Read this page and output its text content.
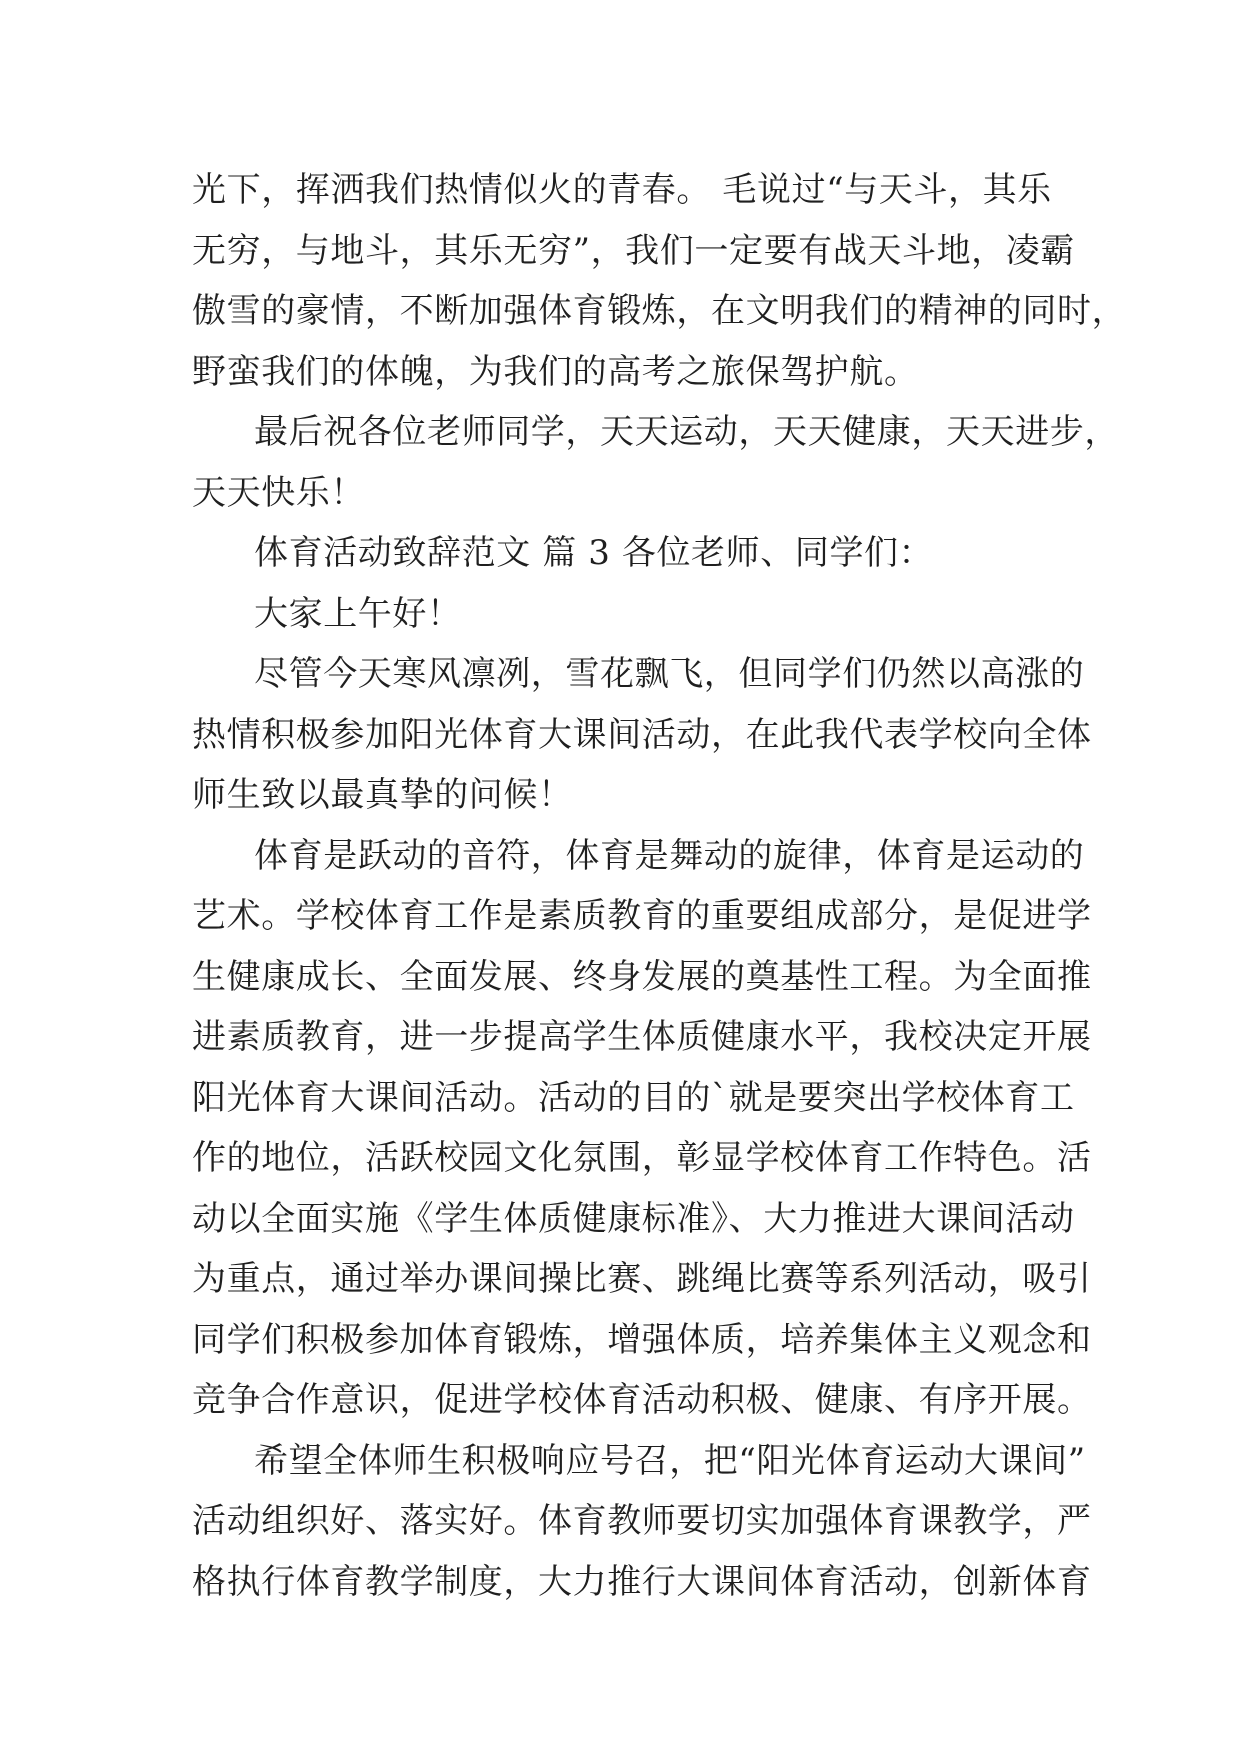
光下，挥洒我们热情似火的青春。 毛说过“与天斗，其乐
无穷，与地斗，其乐无穷”，我们一定要有战天斗地，凌霸
傲雪的豪情，不断加强体育锻炼，在文明我们的精神的同时，
野蛮我们的体魄，为我们的高考之旅保驾护航。
最后祝各位老师同学，天天运动，天天健康，天天进步，
天天快乐！
体育活动致辞范文 篇 3 各位老师、同学们：
大家上午好！
尽管今天寒风凛冽，雪花飘飞，但同学们仍然以高涨的
热情积极参加阳光体育大课间活动，在此我代表学校向全体
师生致以最真挚的问候！
体育是跃动的音符，体育是舞动的旋律，体育是运动的
艺术。学校体育工作是素质教育的重要组成部分，是促进学
生健康成长、全面发展、终身发展的奠基性工程。为全面推
进素质教育，进一步提高学生体质健康水平，我校决定开展
阳光体育大课间活动。活动的目的`就是要突出学校体育工
作的地位，活跃校园文化氛围，彰显学校体育工作特色。活
动以全面实施《学生体质健康标准》、大力推进大课间活动
为重点，通过举办课间操比赛、跳绳比赛等系列活动，吸引
同学们积极参加体育锻炼，增强体质，培养集体主义观念和
竞争合作意识，促进学校体育活动积极、健康、有序开展。
希望全体师生积极响应号召，把“阳光体育运动大课间”
活动组织好、落实好。体育教师要切实加强体育课教学，严
格执行体育教学制度，大力推行大课间体育活动，创新体育
